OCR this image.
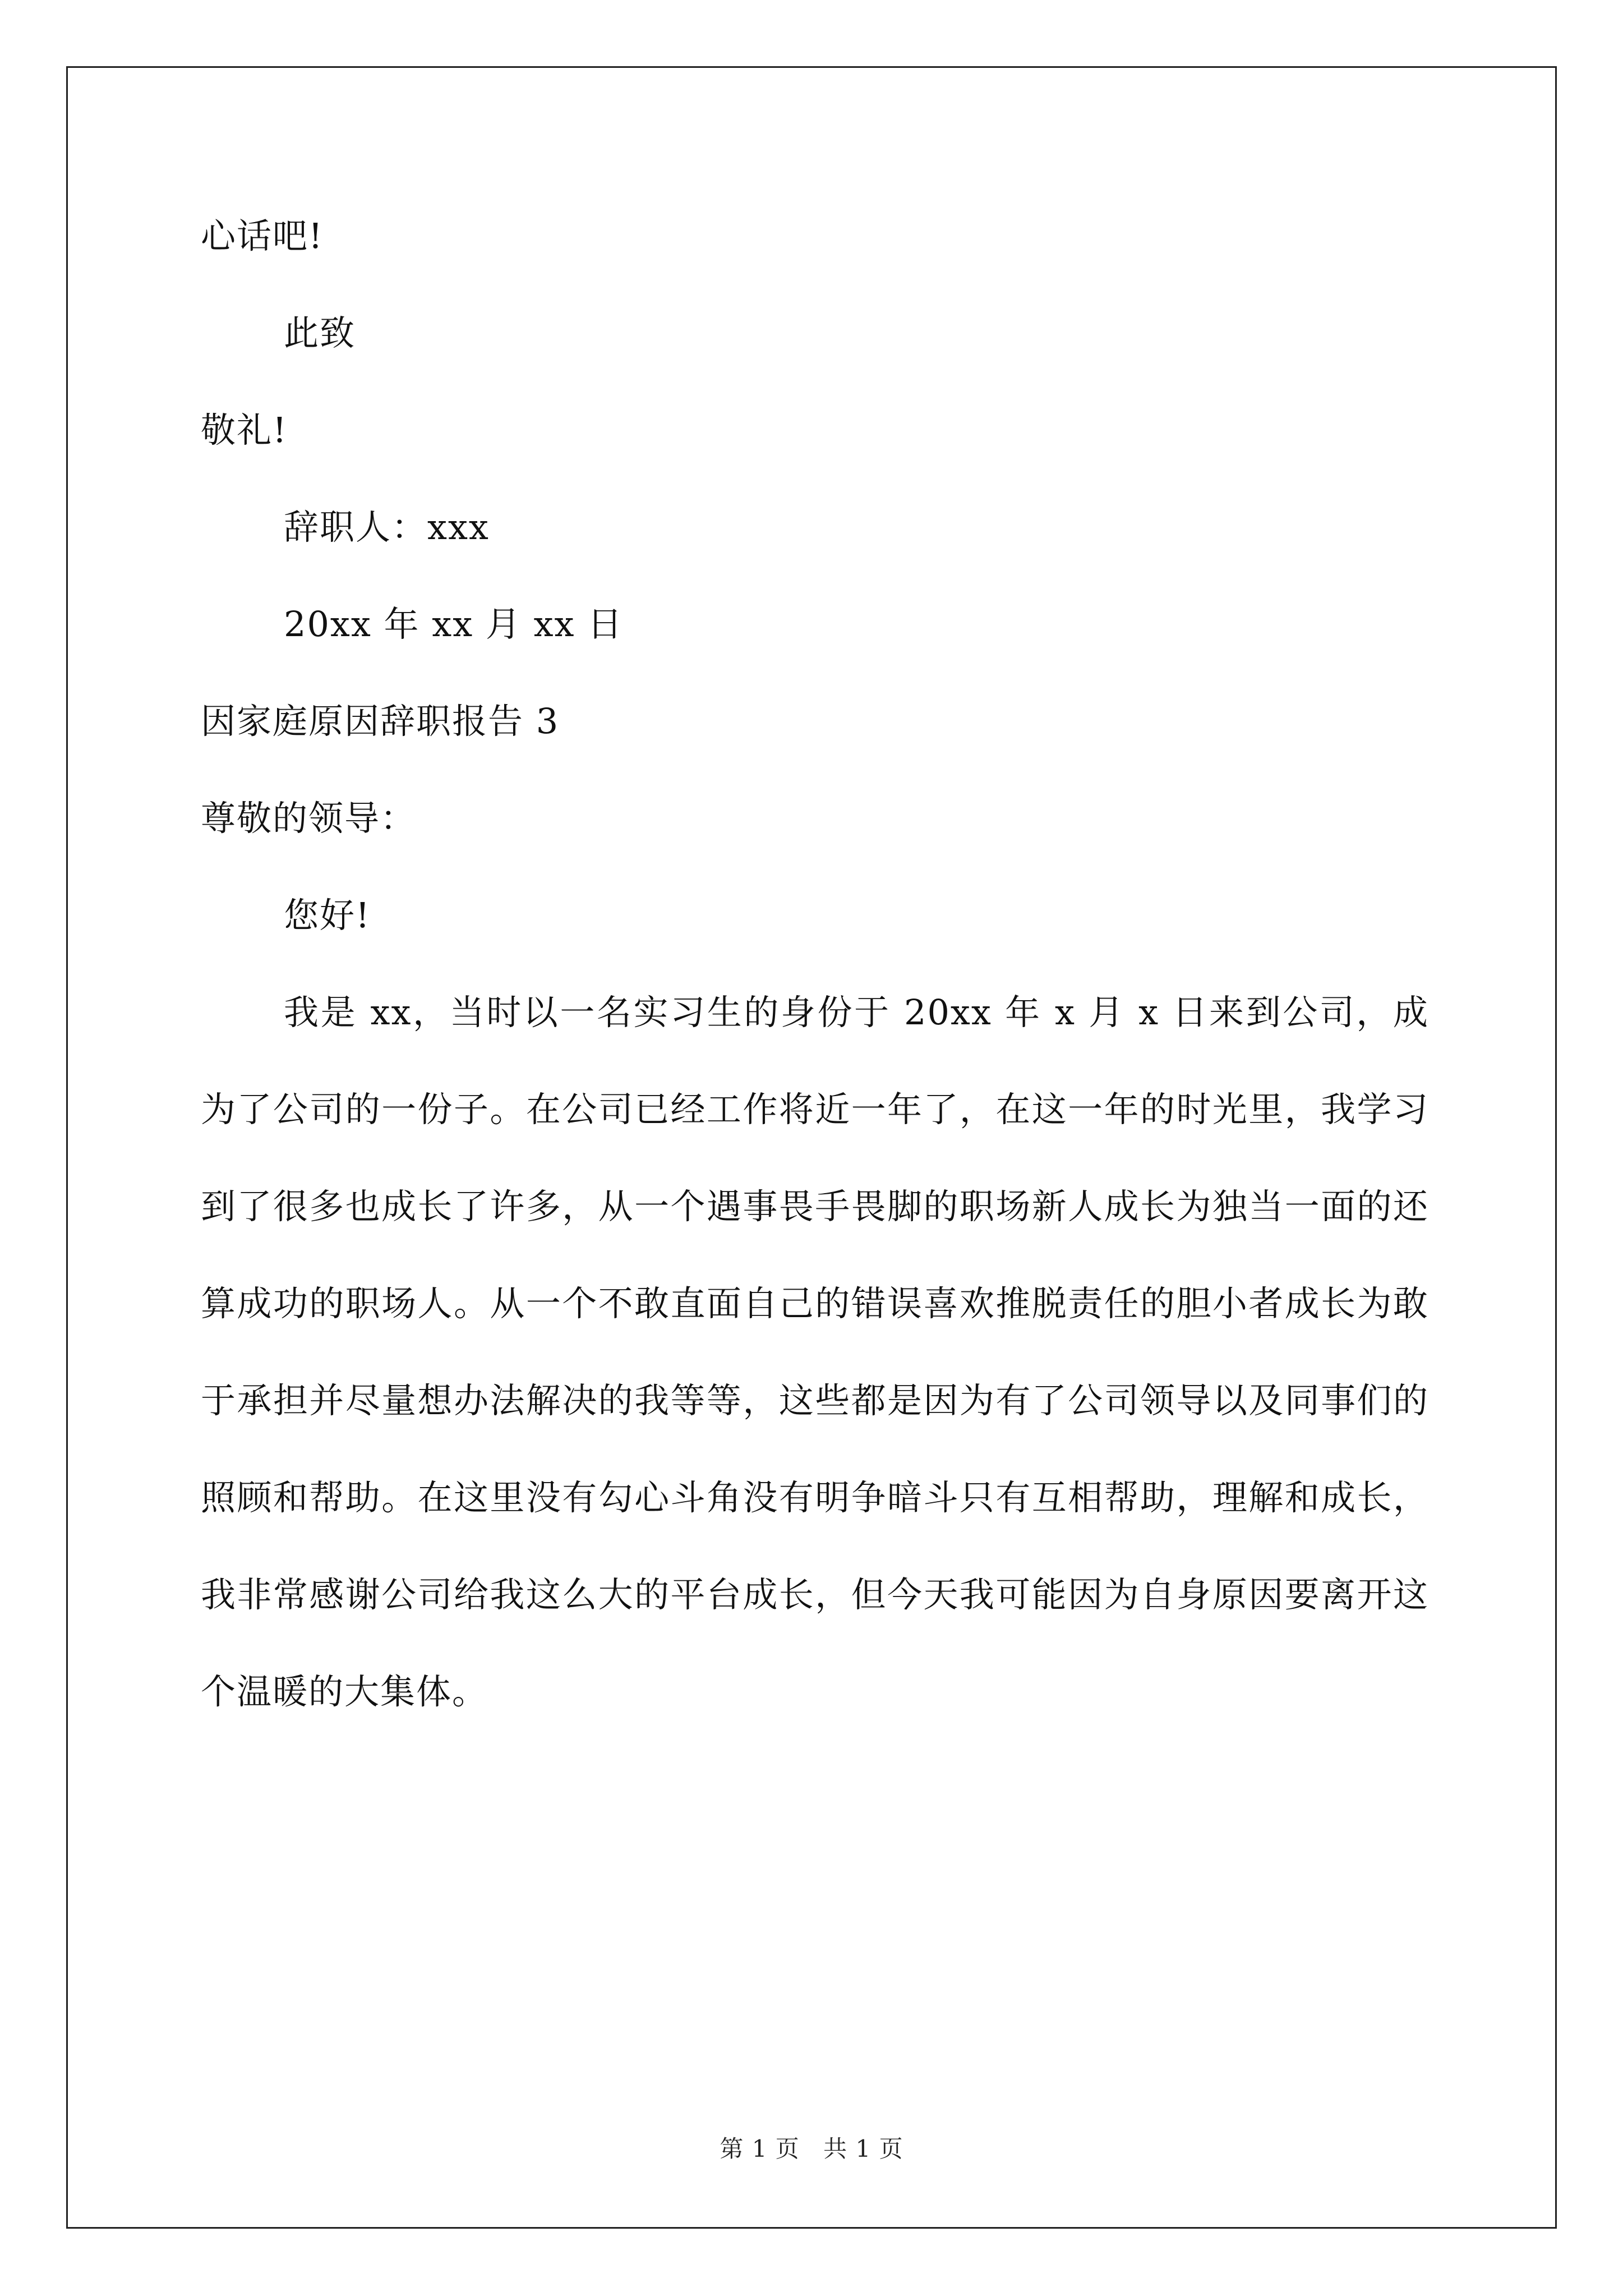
心话吧!
此致
敬礼!
辞职人：xxx
20xx 年 xx 月 xx 日
因家庭原因辞职报告 3
尊敬的领导：
您好!
我是 xx，当时以一名实习生的身份于 20xx 年 x 月 x 日来到公司，成为了公司的一份子。在公司已经工作将近一年了，在这一年的时光里，我学习到了很多也成长了许多，从一个遇事畏手畏脚的职场新人成长为独当一面的还算成功的职场人。从一个不敢直面自己的错误喜欢推脱责任的胆小者成长为敢于承担并尽量想办法解决的我等等，这些都是因为有了公司领导以及同事们的照顾和帮助。在这里没有勾心斗角没有明争暗斗只有互相帮助，理解和成长，我非常感谢公司给我这么大的平台成长，但今天我可能因为自身原因要离开这个温暖的大集体。
第 1 页 共 1 页
